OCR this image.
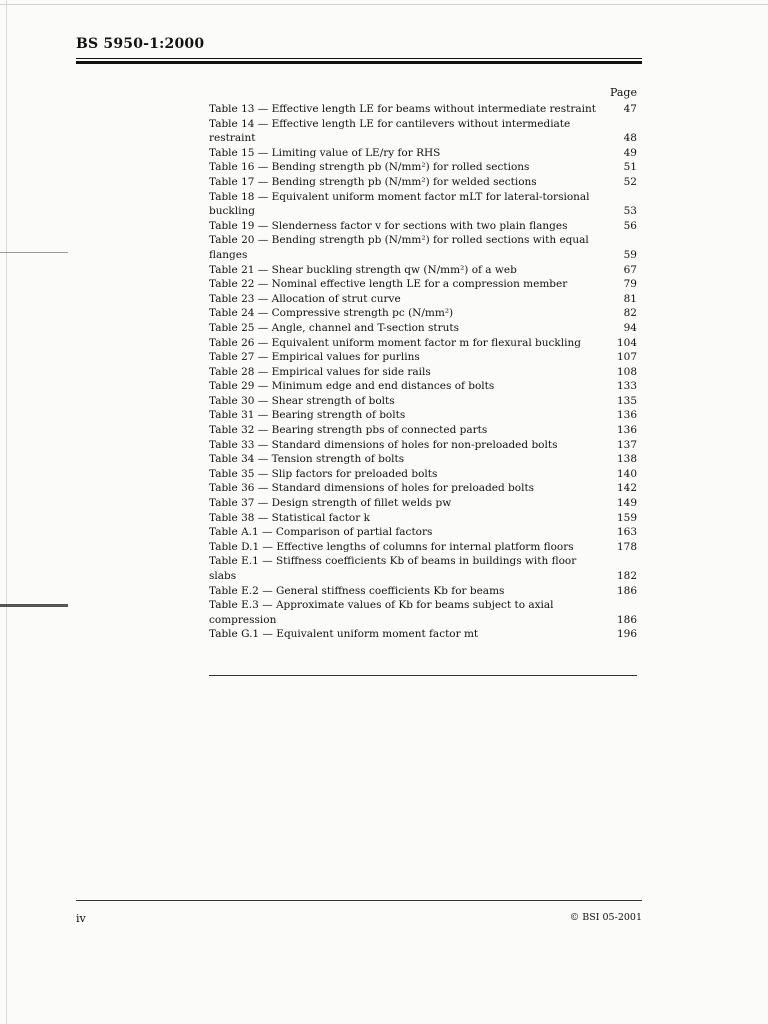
BS 5950-1:2000
Page
Table 13 — Effective length LE for beams without intermediate restraint	47
Table 14 — Effective length LE for cantilevers without intermediate restraint	48
Table 15 — Limiting value of LE/ry for RHS	49
Table 16 — Bending strength pb (N/mm²) for rolled sections	51
Table 17 — Bending strength pb (N/mm²) for welded sections	52
Table 18 — Equivalent uniform moment factor mLT for lateral-torsional buckling	53
Table 19 — Slenderness factor v for sections with two plain flanges	56
Table 20 — Bending strength pb (N/mm²) for rolled sections with equal flanges	59
Table 21 — Shear buckling strength qw (N/mm²) of a web	67
Table 22 — Nominal effective length LE for a compression member	79
Table 23 — Allocation of strut curve	81
Table 24 — Compressive strength pc (N/mm²)	82
Table 25 — Angle, channel and T-section struts	94
Table 26 — Equivalent uniform moment factor m for flexural buckling	104
Table 27 — Empirical values for purlins	107
Table 28 — Empirical values for side rails	108
Table 29 — Minimum edge and end distances of bolts	133
Table 30 — Shear strength of bolts	135
Table 31 — Bearing strength of bolts	136
Table 32 — Bearing strength pbs of connected parts	136
Table 33 — Standard dimensions of holes for non-preloaded bolts	137
Table 34 — Tension strength of bolts	138
Table 35 — Slip factors for preloaded bolts	140
Table 36 — Standard dimensions of holes for preloaded bolts	142
Table 37 — Design strength of fillet welds pw	149
Table 38 — Statistical factor k	159
Table A.1 — Comparison of partial factors	163
Table D.1 — Effective lengths of columns for internal platform floors	178
Table E.1 — Stiffness coefficients Kb of beams in buildings with floor slabs	182
Table E.2 — General stiffness coefficients Kb for beams	186
Table E.3 — Approximate values of Kb for beams subject to axial compression	186
Table G.1 — Equivalent uniform moment factor mt	196
iv	© BSI 05-2001
